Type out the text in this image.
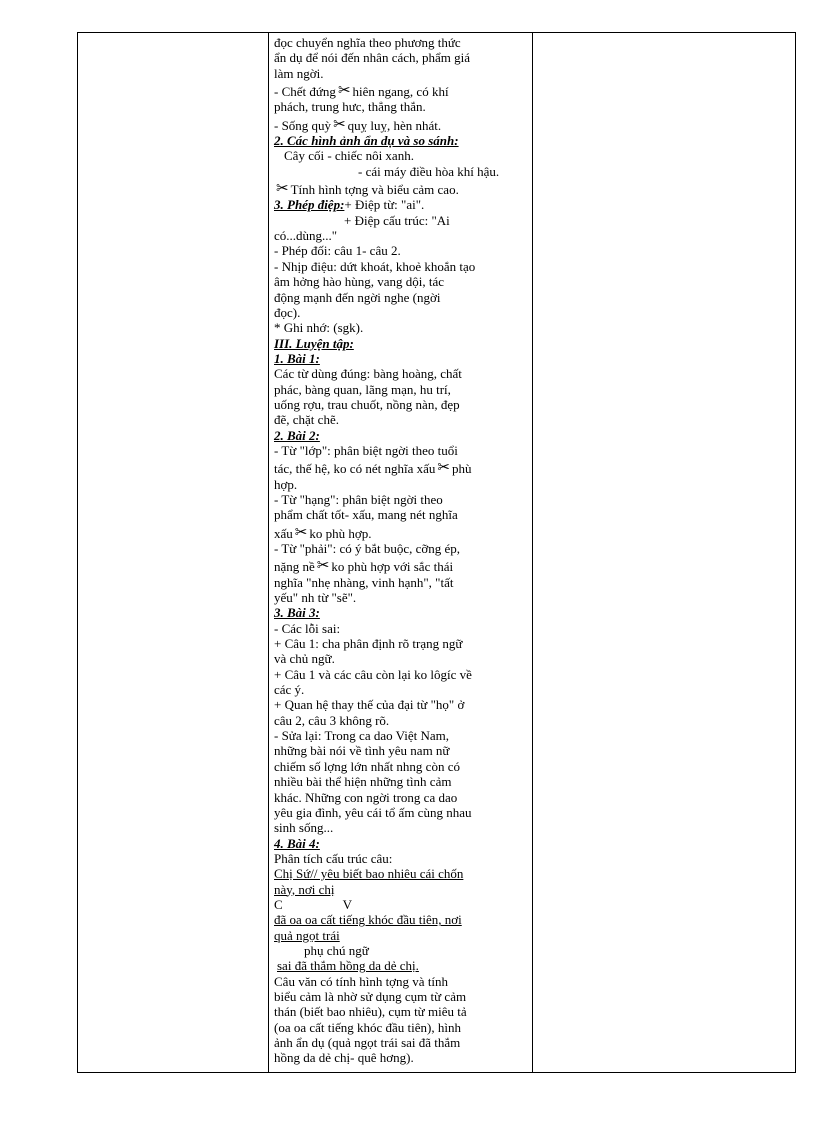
đọc chuyển nghĩa theo phương thức
ẩn dụ để nói đến nhân cách, phẩm giá
làm ngời.
- Chết đứng ✂ hiên ngang, có khí
phách, trung hưc, thẳng thắn.
- Sống quỳ ✂ quỵ luỵ, hèn nhát.
2. Các hình ảnh ẩn dụ và so sánh:
Cây cối - chiếc nôi xanh.
- cái máy điều hòa khí hậu.
✂ Tính hình tợng và biểu cảm cao.
3. Phép điệp:+ Điệp từ: "ai".
+ Điệp cấu trúc: "Ai
có...dùng..."
- Phép đối: câu 1- câu 2.
- Nhịp điệu: dứt khoát, khoẻ khoắn tạo
âm hởng hào hùng, vang dội, tác
động mạnh đến ngời nghe (ngời
đọc).
* Ghi nhớ: (sgk).
III. Luyện tập:
1. Bài 1:
Các từ dùng đúng: bàng hoàng, chất
phác, bàng quan, lãng mạn, hu trí,
uống rợu, trau chuốt, nồng nàn, đẹp
đẽ, chặt chẽ.
2. Bài 2:
- Từ "lớp": phân biệt ngời theo tuổi
tác, thế hệ, ko có nét nghĩa xấu ✂ phù
hợp.
- Từ "hạng": phân biệt ngời theo
phẩm chất tốt- xấu, mang nét nghĩa
xấu ✂ ko phù hợp.
- Từ "phải": có ý bắt buộc, cỡng ép,
nặng nề ✂ ko phù hợp với sắc thái
nghĩa "nhẹ nhàng, vinh hạnh", "tất
yếu" nh từ "sẽ".
3. Bài 3:
- Các lỗi sai:
+ Câu 1: cha phân định rõ trạng ngữ
và chủ ngữ.
+ Câu 1 và các câu còn lại ko lôgíc về
các ý.
+ Quan hệ thay thế của đại từ "họ" ở
câu 2, câu 3 không rõ.
- Sửa lại: Trong ca dao Việt Nam,
những bài nói về tình yêu nam nữ
chiếm số lợng lớn nhất nhng còn có
nhiều bài thể hiện những tình cảm
khác. Những con ngời trong ca dao
yêu gia đình, yêu cái tổ ấm cùng nhau
sinh sống...
4. Bài 4:
Phân tích cấu trúc câu:
Chị Sứ// yêu biết bao nhiêu cái chốn
này, nơi chị
C	V
đã oa oa cất tiếng khóc đầu tiên, nơi
quả ngọt trái
phụ chú ngữ
sai đã thắm hồng da dẻ chị.
Câu văn có tính hình tợng và tính
biểu cảm là nhờ sử dụng cụm từ cảm
thán (biết bao nhiêu), cụm từ miêu tả
(oa oa cất tiếng khóc đầu tiên), hình
ảnh ẩn dụ (quả ngọt trái sai đã thắm
hồng da dẻ chị- quê hơng).
